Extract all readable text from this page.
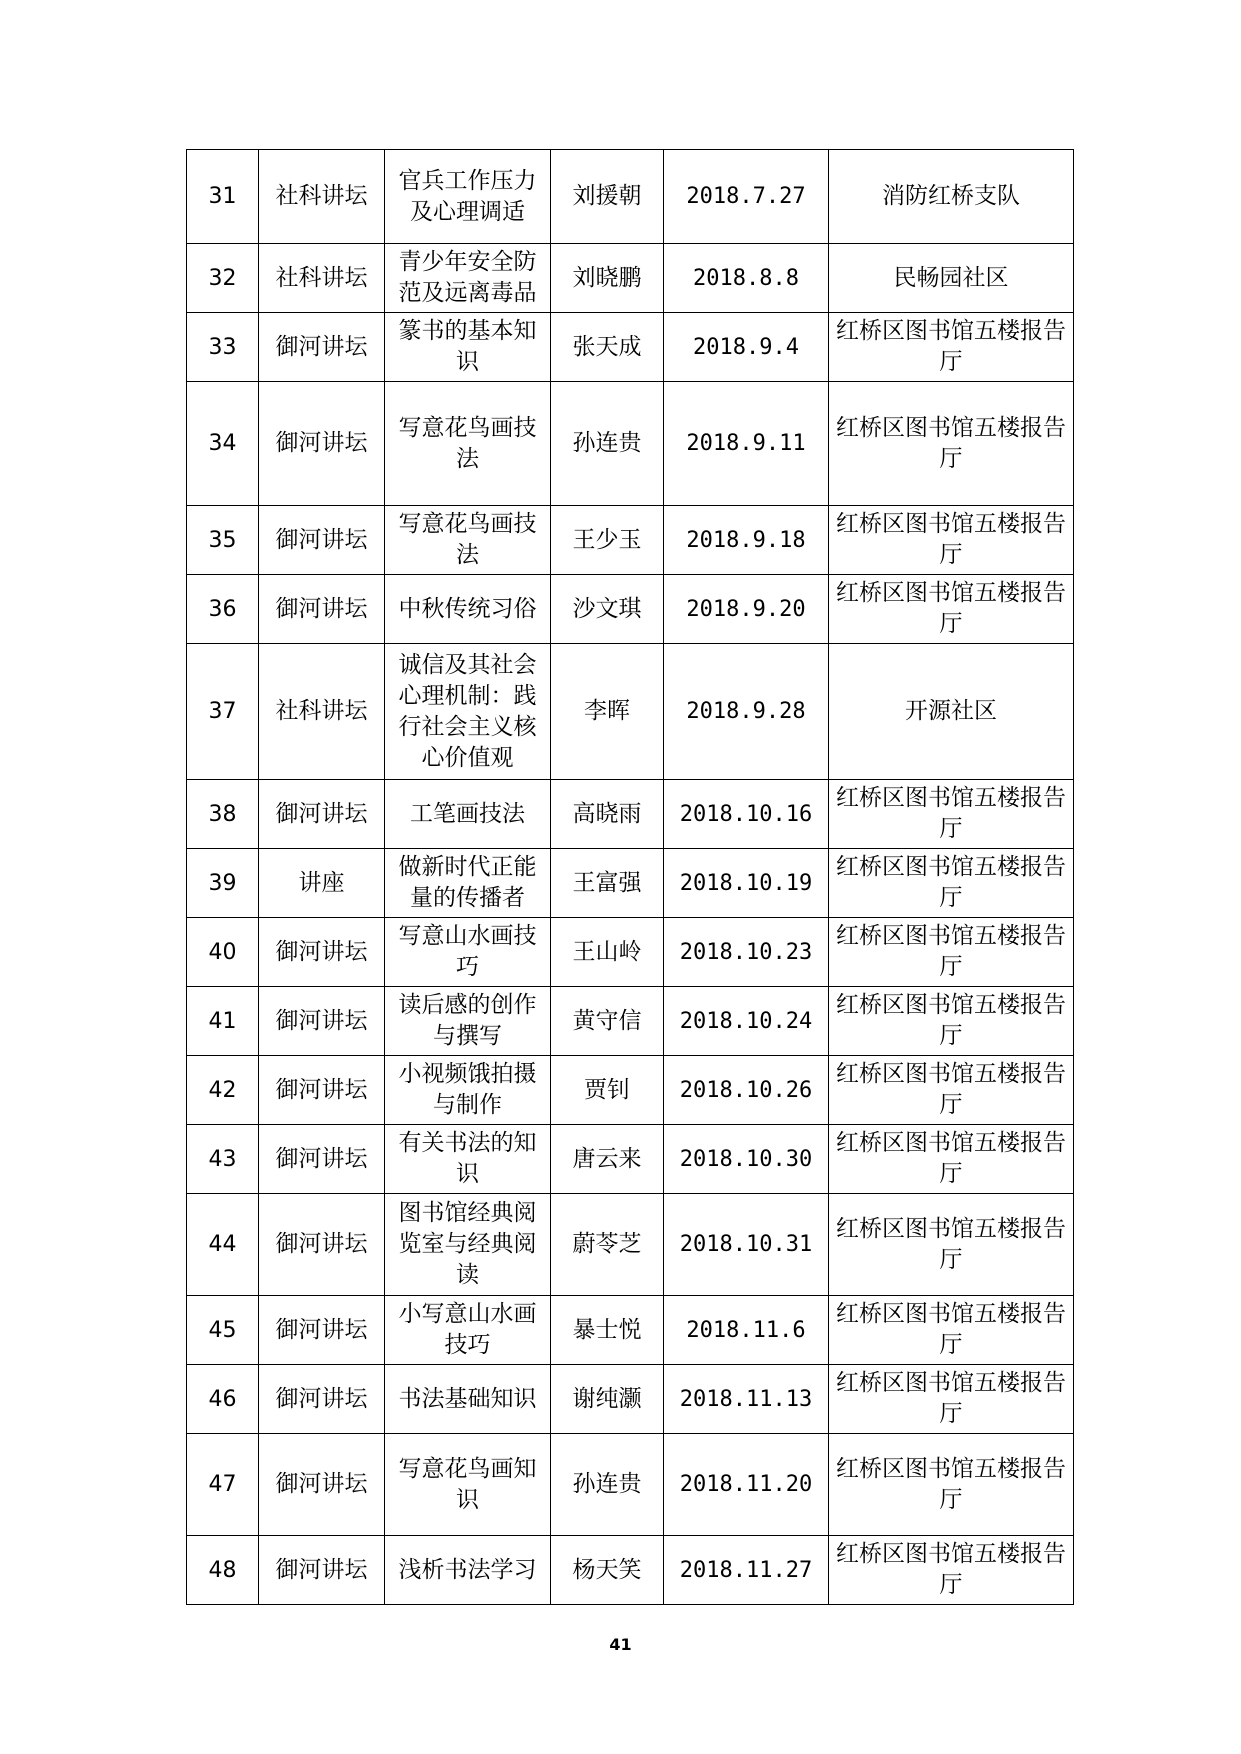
31	社科讲坛	官兵工作压力及心理调适	刘援朝	2018.7.27	消防红桥支队
32	社科讲坛	青少年安全防范及远离毒品	刘晓鹏	2018.8.8	民畅园社区
33	御河讲坛	篆书的基本知识	张天成	2018.9.4	红桥区图书馆五楼报告厅
34	御河讲坛	写意花鸟画技法	孙连贵	2018.9.11	红桥区图书馆五楼报告厅
35	御河讲坛	写意花鸟画技法	王少玉	2018.9.18	红桥区图书馆五楼报告厅
36	御河讲坛	中秋传统习俗	沙文琪	2018.9.20	红桥区图书馆五楼报告厅
37	社科讲坛	诚信及其社会心理机制：践行社会主义核心价值观	李晖	2018.9.28	开源社区
38	御河讲坛	工笔画技法	高晓雨	2018.10.16	红桥区图书馆五楼报告厅
39	讲座	做新时代正能量的传播者	王富强	2018.10.19	红桥区图书馆五楼报告厅
40	御河讲坛	写意山水画技巧	王山岭	2018.10.23	红桥区图书馆五楼报告厅
41	御河讲坛	读后感的创作与撰写	黄守信	2018.10.24	红桥区图书馆五楼报告厅
42	御河讲坛	小视频饿拍摄与制作	贾钊	2018.10.26	红桥区图书馆五楼报告厅
43	御河讲坛	有关书法的知识	唐云来	2018.10.30	红桥区图书馆五楼报告厅
44	御河讲坛	图书馆经典阅览室与经典阅读	蔚苓芝	2018.10.31	红桥区图书馆五楼报告厅
45	御河讲坛	小写意山水画技巧	暴士悦	2018.11.6	红桥区图书馆五楼报告厅
46	御河讲坛	书法基础知识	谢纯灏	2018.11.13	红桥区图书馆五楼报告厅
47	御河讲坛	写意花鸟画知识	孙连贵	2018.11.20	红桥区图书馆五楼报告厅
48	御河讲坛	浅析书法学习	杨天笑	2018.11.27	红桥区图书馆五楼报告厅
41
